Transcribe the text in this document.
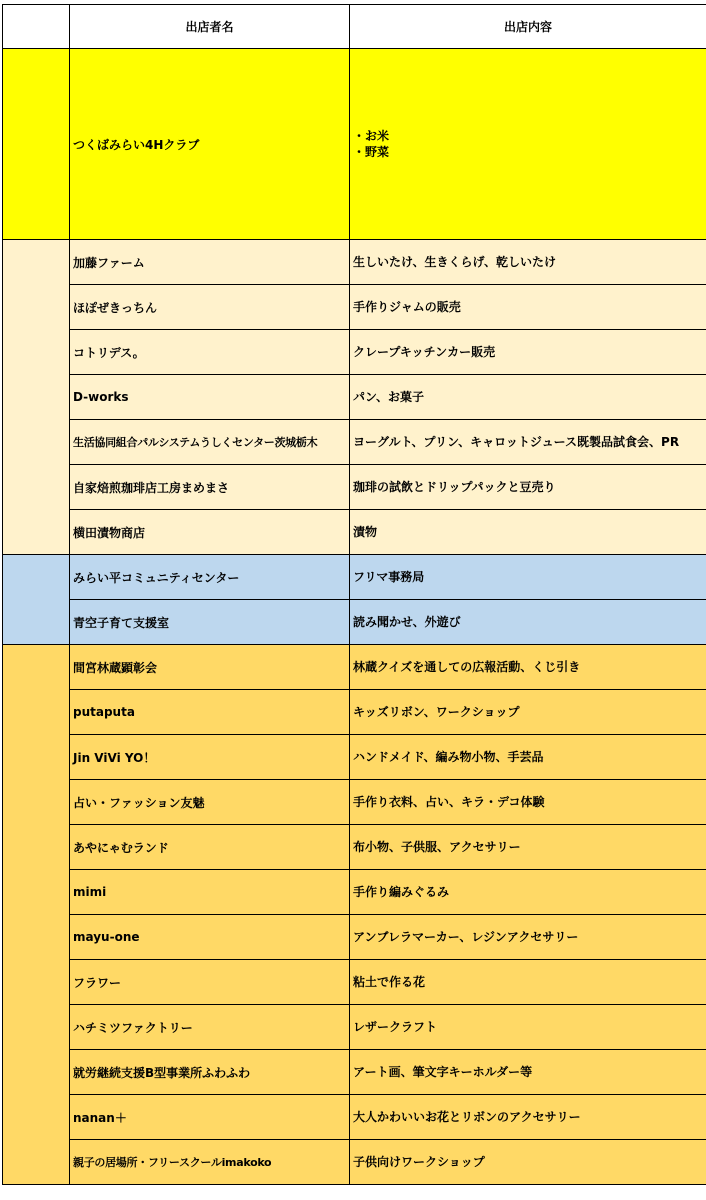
	出店者名	出店内容
	つくばみらい4Hクラブ	・お米
・野菜

	加藤ファーム	生しいたけ、生きくらげ、乾しいたけ

	ほぽぜきっちん	手作りジャムの販売

	コトリデス。	クレープキッチンカー販売

	D-works	パン、お菓子

	生活協同組合パルシステムうしくセンター茨城栃木	ヨーグルト、プリン、キャロットジュース既製品試食会、PR

	自家焙煎珈琲店工房まめまさ	珈琲の試飲とドリップパックと豆売り

	横田漬物商店	漬物

	みらい平コミュニティセンター	フリマ事務局

	青空子育て支援室	読み聞かせ、外遊び

	間宮林蔵顕彰会	林蔵クイズを通しての広報活動、くじ引き

	putaputa	キッズリボン、ワークショップ

	Jin ViVi YO！	ハンドメイド、編み物小物、手芸品

	占い・ファッション友魅	手作り衣料、占い、キラ・デコ体験

	あやにゃむランド	布小物、子供服、アクセサリー

	mimi	手作り編みぐるみ

	mayu-one	アンブレラマーカー、レジンアクセサリー

	フラワー	粘土で作る花

	ハチミツファクトリー	レザークラフト

	就労継続支援B型事業所ふわふわ	アート画、筆文字キーホルダー等

	nanan＋	大人かわいいお花とリボンのアクセサリー

	親子の居場所・フリースクールimakoko	子供向けワークショップ
